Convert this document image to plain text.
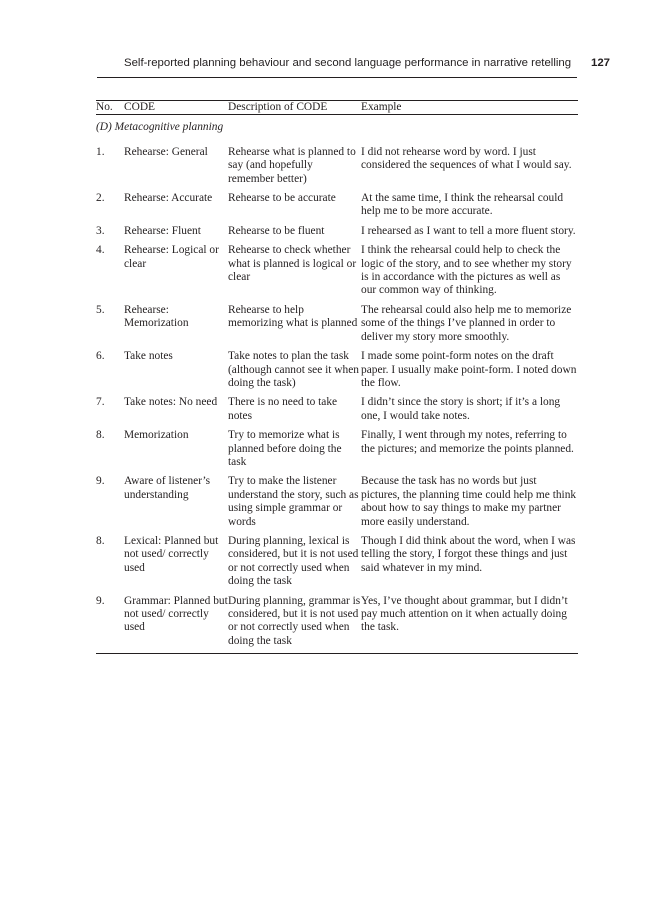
Self-reported planning behaviour and second language performance in narrative retelling 127
No.	CODE	Description of CODE	Example
(D) Metacognitive planning			
1.	Rehearse: General	Rehearse what is planned to say (and hopefully remember better)	I did not rehearse word by word. I just considered the sequences of what I would say.
2.	Rehearse: Accurate	Rehearse to be accurate	At the same time, I think the rehearsal could help me to be more accurate.
3.	Rehearse: Fluent	Rehearse to be fluent	I rehearsed as I want to tell a more fluent story.
4.	Rehearse: Logical or clear	Rehearse to check whether what is planned is logical or clear	I think the rehearsal could help to check the logic of the story, and to see whether my story is in accordance with the pictures as well as our common way of thinking.
5.	Rehearse: Memorization	Rehearse to help memorizing what is planned	The rehearsal could also help me to memorize some of the things I’ve planned in order to deliver my story more smoothly.
6.	Take notes	Take notes to plan the task (although cannot see it when doing the task)	I made some point-form notes on the draft paper. I usually make point-form. I noted down the flow.
7.	Take notes: No need	There is no need to take notes	I didn’t since the story is short; if it’s a long one, I would take notes.
8.	Memorization	Try to memorize what is planned before doing the task	Finally, I went through my notes, referring to the pictures; and memorize the points planned.
9.	Aware of listener’s understanding	Try to make the listener understand the story, such as using simple grammar or words	Because the task has no words but just pictures, the planning time could help me think about how to say things to make my partner more easily understand.
8.	Lexical: Planned but not used/ correctly used	During planning, lexical is considered, but it is not used or not correctly used when doing the task	Though I did think about the word, when I was telling the story, I forgot these things and just said whatever in my mind.
9.	Grammar: Planned but not used/ correctly used	During planning, grammar is considered, but it is not used or not correctly used when doing the task	Yes, I’ve thought about grammar, but I didn’t pay much attention on it when actually doing the task.
